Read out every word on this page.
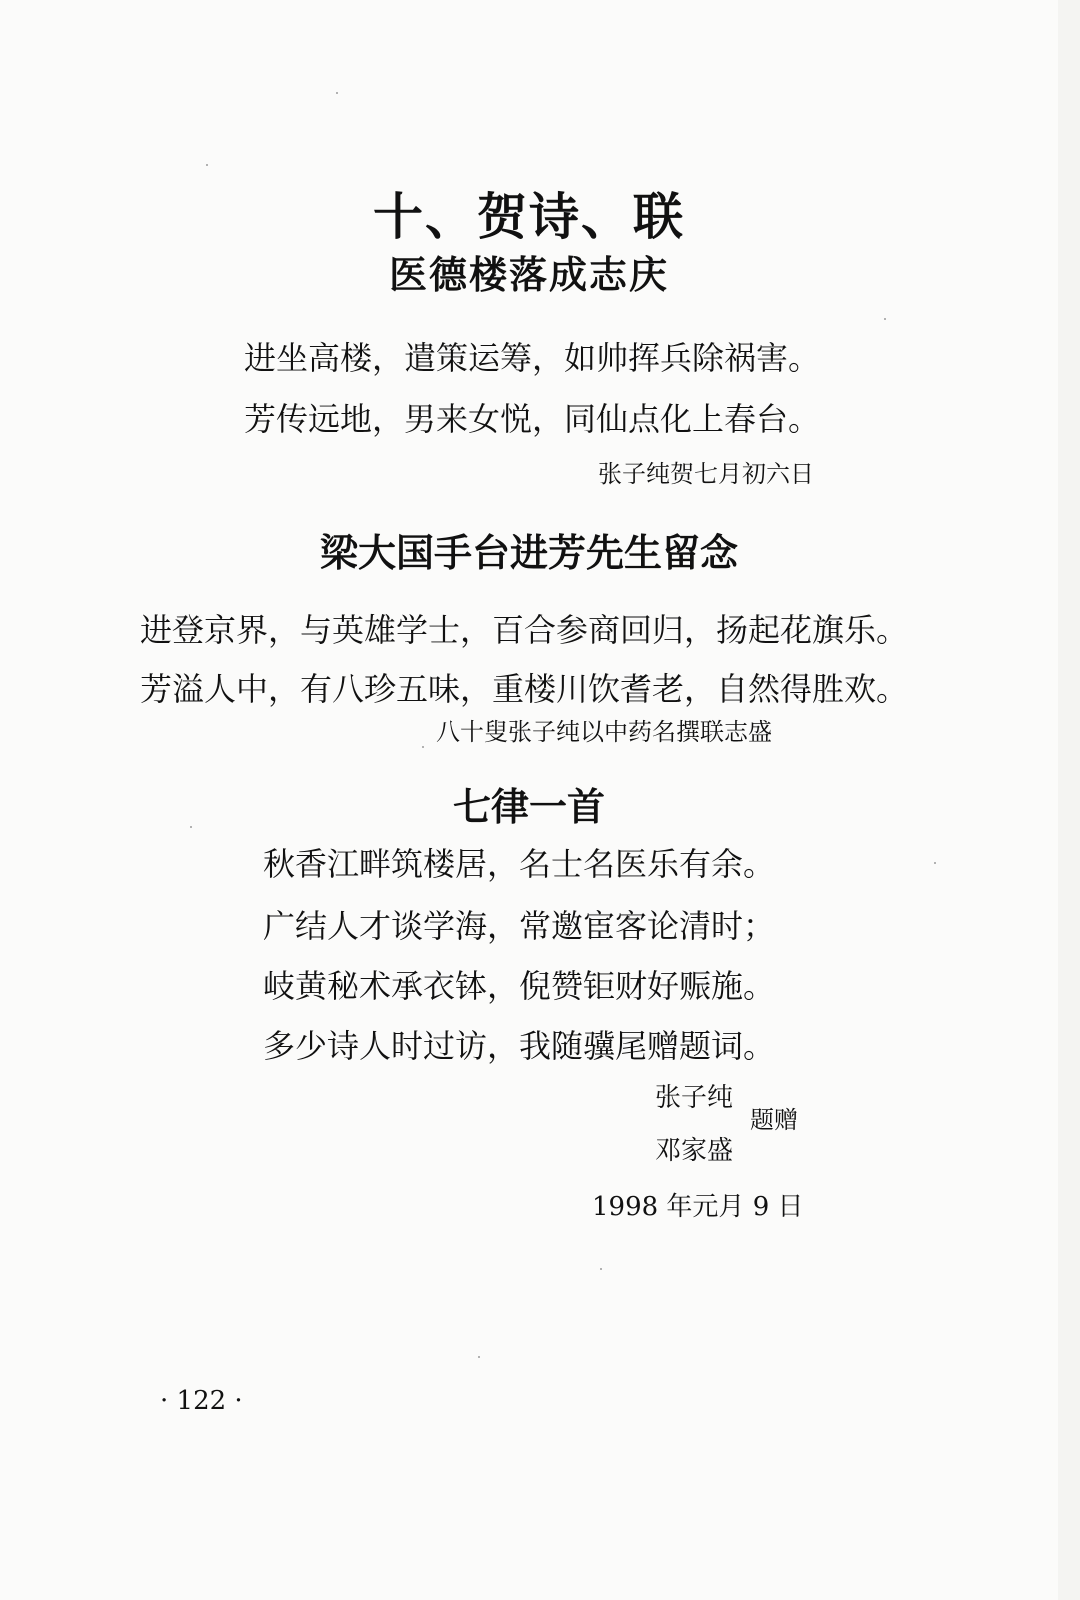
十、贺诗、联
医德楼落成志庆

进坐高楼，遣策运筹，如帅挥兵除祸害。

芳传远地，男来女悦，同仙点化上春台。

张子纯贺七月初六日

梁大国手台进芳先生留念

进登京界，与英雄学士，百合参商回归，扬起花旗乐。

芳溢人中，有八珍五味，重楼川饮耆老，自然得胜欢。

八十叟张子纯以中药名撰联志盛

七律一首

秋香江畔筑楼居，名士名医乐有余。

广结人才谈学海，常邀宦客论清时；

岐黄秘术承衣钵，倪赞钜财好赈施。

多少诗人时过访，我随骥尾赠题词。

张子纯
邓家盛
题赠
1998 年元月 9 日
· 122 ·
